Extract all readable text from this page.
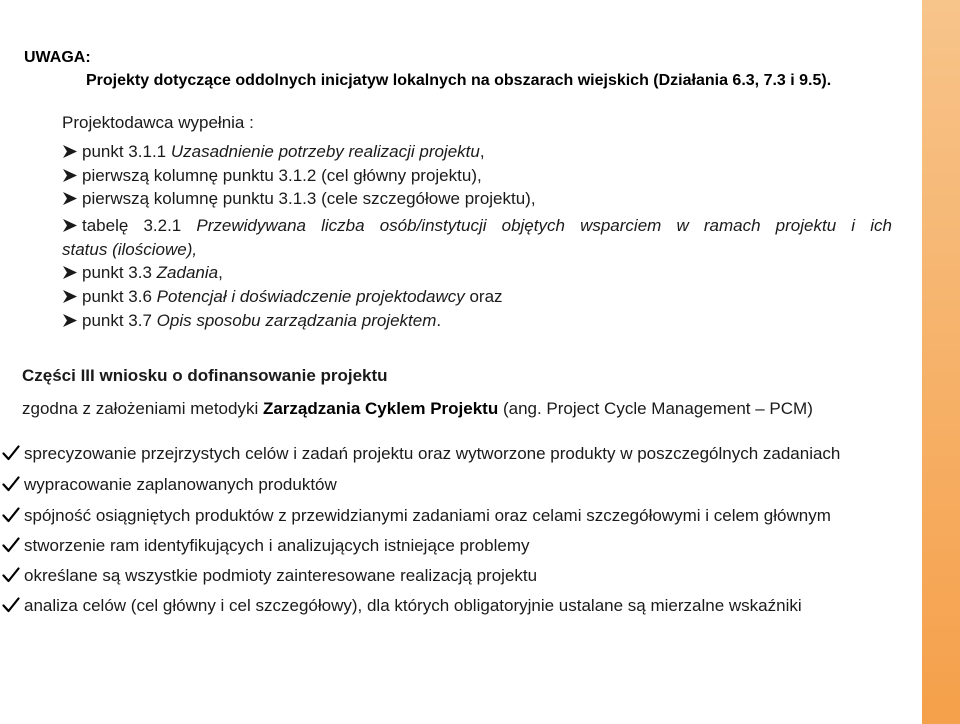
UWAGA:
Projekty dotyczące oddolnych inicjatyw lokalnych na obszarach wiejskich (Działania 6.3, 7.3 i 9.5).
Projektodawca wypełnia :
punkt 3.1.1 Uzasadnienie potrzeby realizacji projektu,
pierwszą kolumnę punktu 3.1.2 (cel główny projektu),
pierwszą kolumnę punktu 3.1.3 (cele szczegółowe projektu),
tabelę 3.2.1 Przewidywana liczba osób/instytucji objętych wsparciem w ramach projektu i ich
status (ilościowe),
punkt 3.3 Zadania,
punkt 3.6 Potencjał i doświadczenie projektodawcy oraz
punkt 3.7 Opis sposobu zarządzania projektem.
Części III wniosku o dofinansowanie projektu
zgodna z założeniami metodyki Zarządzania Cyklem Projektu (ang. Project Cycle Management – PCM)
sprecyzowanie przejrzystych celów i zadań projektu oraz wytworzone produkty w poszczególnych zadaniach
wypracowanie zaplanowanych produktów
spójność osiągniętych produktów z przewidzianymi zadaniami oraz celami szczegółowymi i celem głównym
stworzenie ram identyfikujących i analizujących istniejące problemy
określane są wszystkie podmioty zainteresowane realizacją projektu
analiza celów (cel główny i cel szczegółowy), dla których obligatoryjnie ustalane są mierzalne wskaźniki
